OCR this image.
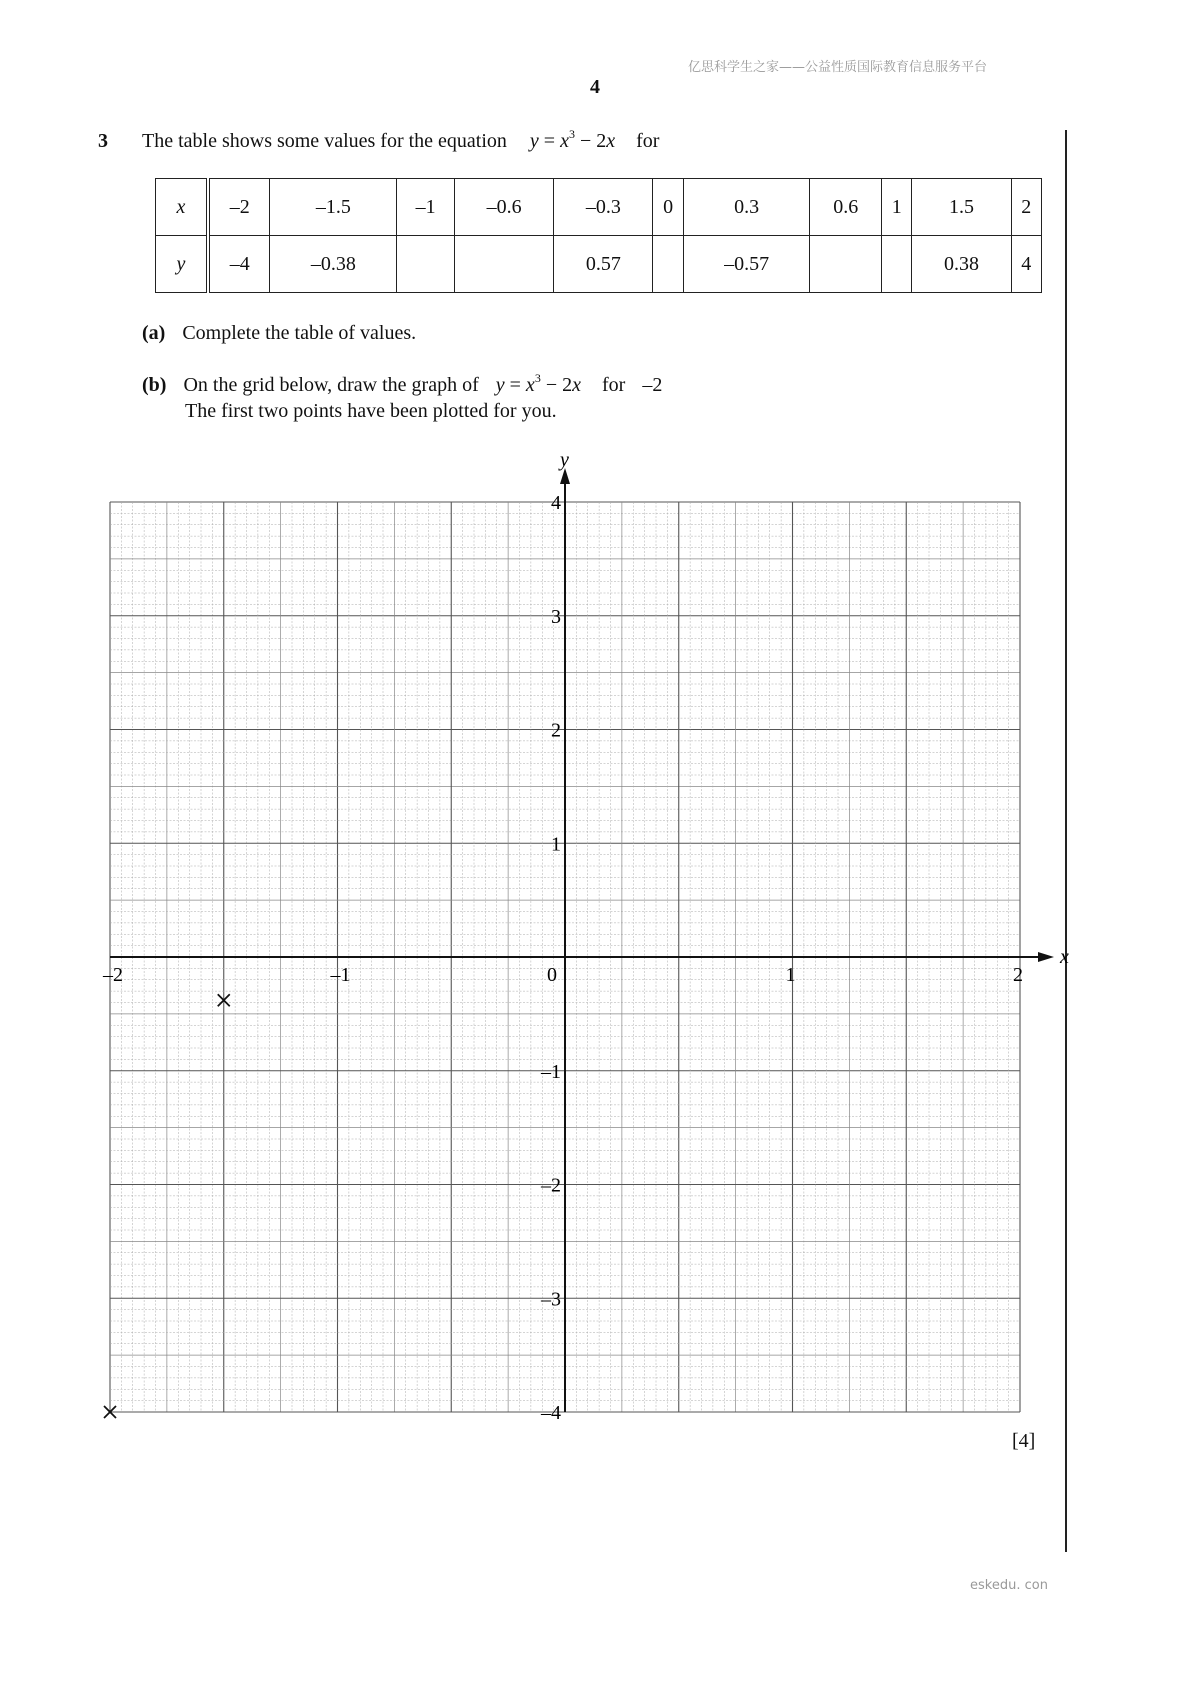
亿思科学生之家——公益性质国际教育信息服务平台
4
3 The table shows some values for the equation $y = x^3 - 2x$ for
x	–2	–1.5	–1	–0.6	–0.3	0	0.3	0.6	1	1.5	2
y	–4	–0.38			0.57		–0.57			0.38	4
(a) Complete the table of values.
(b) On the grid below, draw the graph of $y = x^3 - 2x$ for –2
The first two points have been plotted for you.
x
y
–2	–1	0	1	2
4
3
2
1
–1
–2
–3
–4
[4]
eskedu. con
